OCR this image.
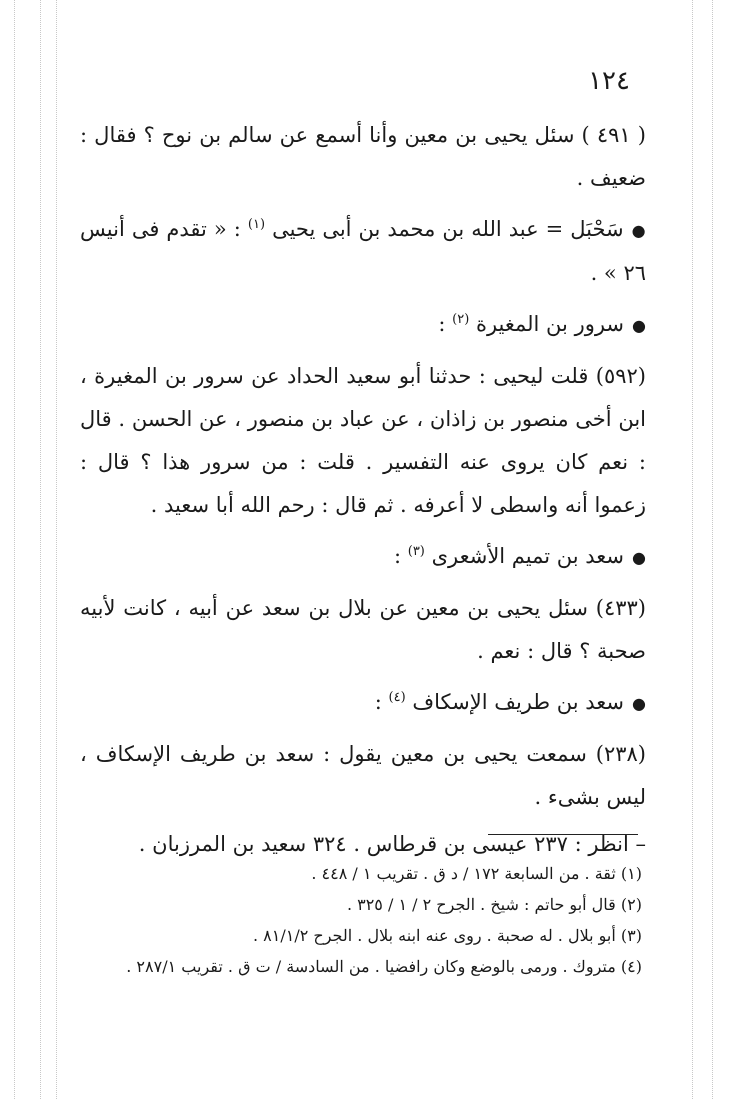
١٢٤

( ٤٩١ ) سئل يحيى بن معين وأنا أسمع عن سالم بن نوح ؟ فقال : ضعيف .

●سَحْبَل = عبد الله بن محمد بن أبى يحيى $^{(١)}$ : « تقدم فى أنيس ٢٦ » .

●سرور بن المغيرة $^{(٢)}$ :

(٥٩٢) قلت ليحيى : حدثنا أبو سعيد الحداد عن سرور بن المغيرة ، ابن أخى منصور بن زاذان ، عن عباد بن منصور ، عن الحسن . قال : نعم كان يروى عنه التفسير . قلت : من سرور هذا ؟ قال : زعموا أنه واسطى لا أعرفه . ثم قال : رحم الله أبا سعيد .

●سعد بن تميم الأشعرى $^{(٣)}$ :

(٤٣٣) سئل يحيى بن معين عن بلال بن سعد عن أبيه ، كانت لأبيه صحبة ؟ قال : نعم .

●سعد بن طريف الإسكاف $^{(٤)}$ :

(٢٣٨) سمعت يحيى بن معين يقول : سعد بن طريف الإسكاف ، ليس بشىء .

– انظر : ٢٣٧ عيسى بن قرطاس . ٣٢٤ سعيد بن المرزبان .

(١) ثقة . من السابعة ١٧٢ / د ق . تقريب ١ / ٤٤٨ .

(٢) قال أبو حاتم : شيخ . الجرح ٢ / ١ / ٣٢٥ .

(٣) أبو بلال . له صحبة . روى عنه ابنه بلال . الجرح ٨١/١/٢ .

(٤) متروك . ورمى بالوضع وكان رافضيا . من السادسة / ت ق . تقريب ٢٨٧/١ .
